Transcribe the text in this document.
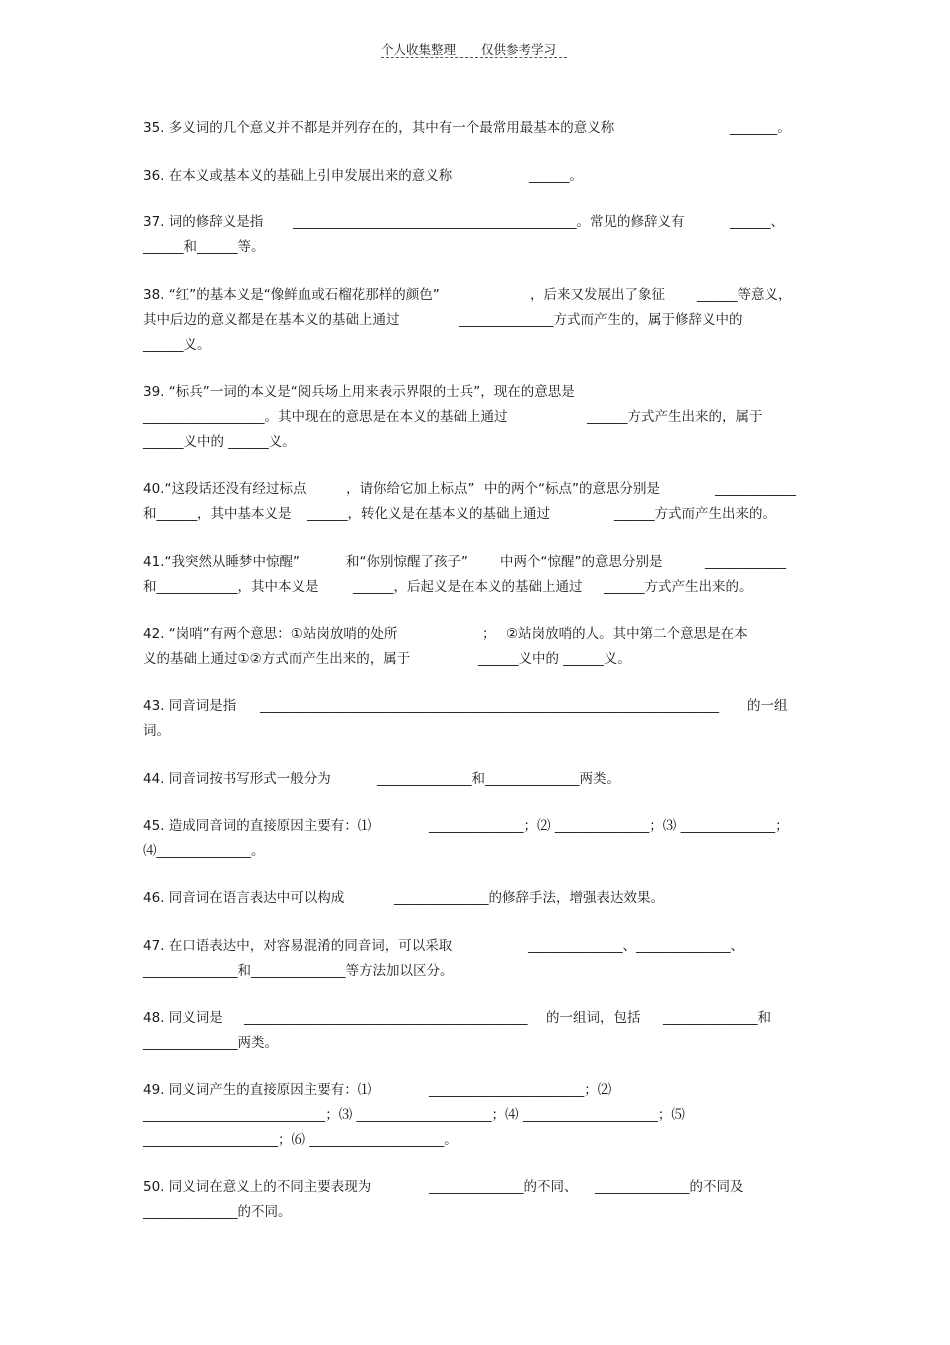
个人收集整理 仅供参考学习
35. 多义词的几个意义并不都是并列存在的，其中有一个最常用最基本的意义称	_______。
36. 在本义或基本义的基础上引申发展出来的意义称	______。
37. 词的修辞义是指 __________________________________________。常见的修辞义有	______、
______和______等。
38. “红”的基本义是“像鲜血或石榴花那样的颜色”	，后来又发展出了象征 ______等意义，
其中后边的意义都是在基本义的基础上通过	______________方式而产生的，属于修辞义中的
______义。
39. “标兵”一词的本义是“阅兵场上用来表示界限的士兵”，现在的意思是
__________________。其中现在的意思是在本义的基础上通过	______方式产生出来的，属于
______义中的 ______义。
40.“这段话还没有经过标点	，请你给它加上标点” 中的两个“标点”的意思分别是	____________
和______，其中基本义是 ______，转化义是在基本义的基础上通过	______方式而产生出来的。
41.“我突然从睡梦中惊醒”	和“你别惊醒了孩子” 中两个“惊醒”的意思分别是	____________
和____________，其中本义是	______，后起义是在本义的基础上通过 ______方式产生出来的。
42. “岗哨”有两个意思：①站岗放哨的处所	； ②站岗放哨的人。其中第二个意思是在本
义的基础上通过①②方式而产生出来的，属于	______义中的 ______义。
43. 同音词是指 ____________________________________________________________________ 的一组
词。
44. 同音词按书写形式一般分为	______________和______________两类。
45. 造成同音词的直接原因主要有：⑴	______________；⑵ ______________；⑶ ______________；
⑷______________。
46. 同音词在语言表达中可以构成	______________的修辞手法，增强表达效果。
47. 在口语表达中，对容易混淆的同音词，可以采取	______________、______________、
______________和______________等方法加以区分。
48. 同义词是 __________________________________________ 的一组词，包括 ______________和
______________两类。
49. 同义词产生的直接原因主要有：⑴	_______________________；⑵
___________________________；⑶ ____________________；⑷ ____________________；⑸
____________________；⑹ ____________________。
50. 同义词在意义上的不同主要表现为	______________的不同、 ______________的不同及
______________的不同。
